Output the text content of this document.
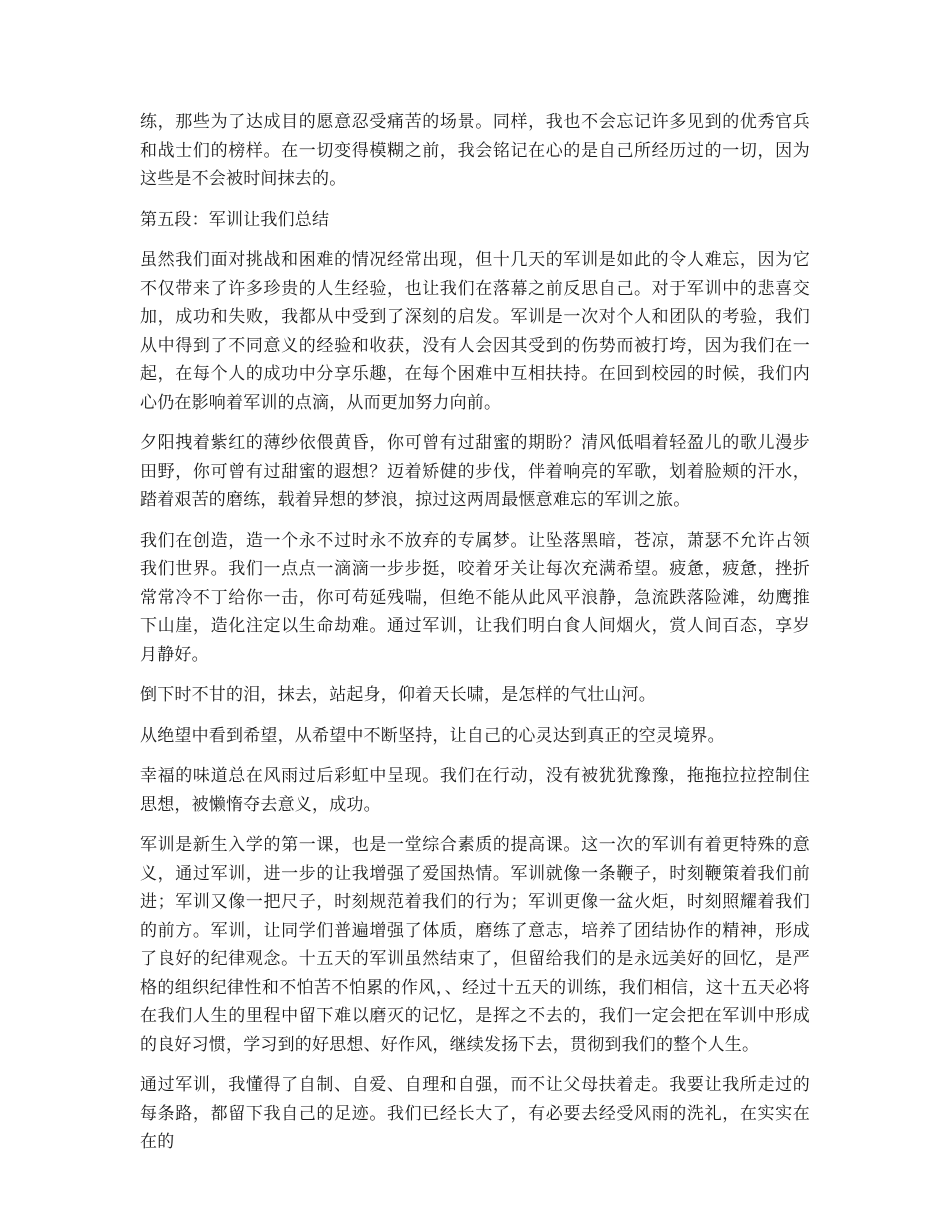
练，那些为了达成目的愿意忍受痛苦的场景。同样，我也不会忘记许多见到的优秀官兵和战士们的榜样。在一切变得模糊之前，我会铭记在心的是自己所经历过的一切，因为这些是不会被时间抹去的。

第五段：军训让我们总结

虽然我们面对挑战和困难的情况经常出现，但十几天的军训是如此的令人难忘，因为它不仅带来了许多珍贵的人生经验，也让我们在落幕之前反思自己。对于军训中的悲喜交加，成功和失败，我都从中受到了深刻的启发。军训是一次对个人和团队的考验，我们从中得到了不同意义的经验和收获，没有人会因其受到的伤势而被打垮，因为我们在一起，在每个人的成功中分享乐趣，在每个困难中互相扶持。在回到校园的时候，我们内心仍在影响着军训的点滴，从而更加努力向前。

夕阳拽着紫红的薄纱依偎黄昏，你可曾有过甜蜜的期盼？清风低唱着轻盈儿的歌儿漫步田野，你可曾有过甜蜜的遐想？迈着矫健的步伐，伴着响亮的军歌，划着脸颊的汗水，踏着艰苦的磨练，载着异想的梦浪，掠过这两周最惬意难忘的军训之旅。

我们在创造，造一个永不过时永不放弃的专属梦。让坠落黑暗，苍凉，萧瑟不允许占领我们世界。我们一点点一滴滴一步步挺，咬着牙关让每次充满希望。疲惫，疲惫，挫折常常冷不丁给你一击，你可苟延残喘，但绝不能从此风平浪静，急流跌落险滩，幼鹰推下山崖，造化注定以生命劫难。通过军训，让我们明白食人间烟火，赏人间百态，享岁月静好。

倒下时不甘的泪，抹去，站起身，仰着天长啸，是怎样的气壮山河。

从绝望中看到希望，从希望中不断坚持，让自己的心灵达到真正的空灵境界。

幸福的味道总在风雨过后彩虹中呈现。我们在行动，没有被犹犹豫豫，拖拖拉拉控制住思想，被懒惰夺去意义，成功。

军训是新生入学的第一课，也是一堂综合素质的提高课。这一次的军训有着更特殊的意义，通过军训，进一步的让我增强了爱国热情。军训就像一条鞭子，时刻鞭策着我们前进；军训又像一把尺子，时刻规范着我们的行为；军训更像一盆火炬，时刻照耀着我们的前方。军训，让同学们普遍增强了体质，磨练了意志，培养了团结协作的精神，形成了良好的纪律观念。十五天的军训虽然结束了，但留给我们的是永远美好的回忆，是严格的组织纪律性和不怕苦不怕累的作风，、经过十五天的训练，我们相信，这十五天必将在我们人生的里程中留下难以磨灭的记忆，是挥之不去的，我们一定会把在军训中形成的良好习惯，学习到的好思想、好作风，继续发扬下去，贯彻到我们的整个人生。

通过军训，我懂得了自制、自爱、自理和自强，而不让父母扶着走。我要让我所走过的每条路，都留下我自己的足迹。我们已经长大了，有必要去经受风雨的洗礼，在实实在在的
